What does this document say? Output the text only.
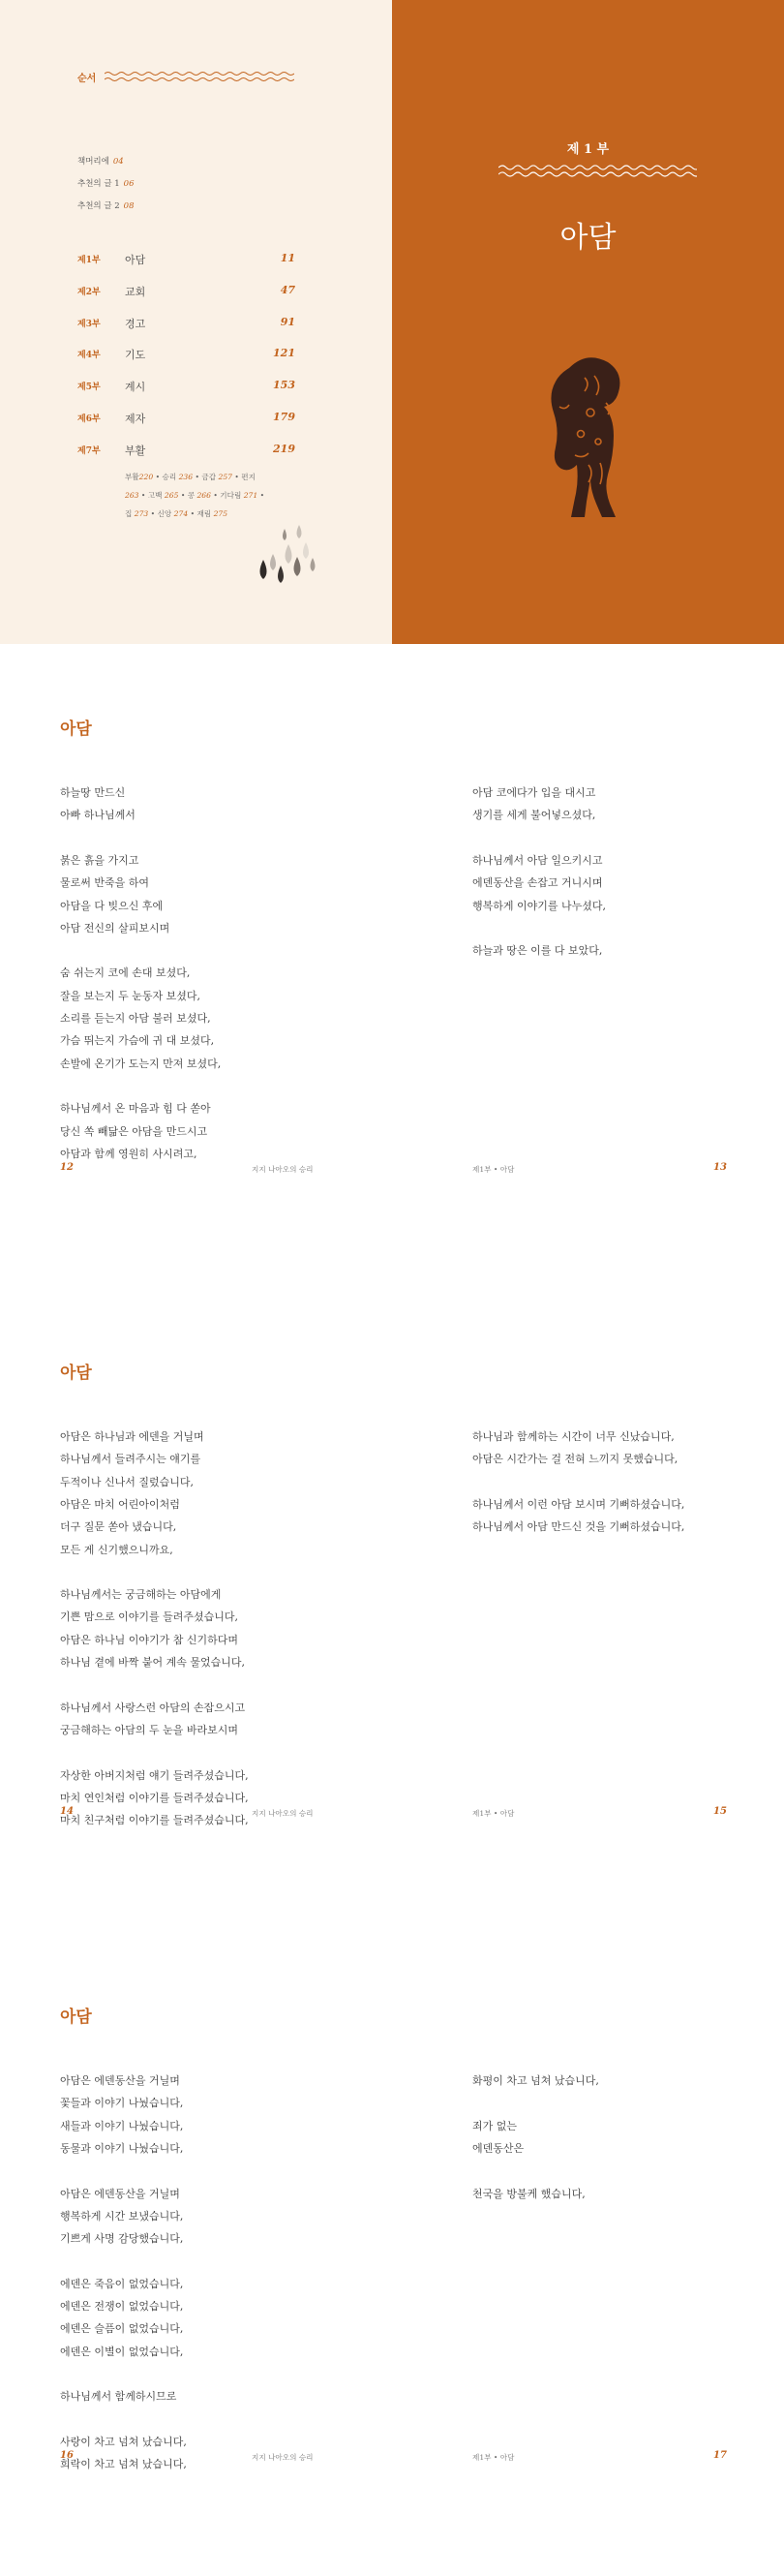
순서
책머리에 04
추천의 글 1 06
추천의 글 2 08
제1부 아담	11
제2부 교회	47
제3부 경고	91
제4부 기도	121
제5부 계시	153
제6부 제자	179
제7부 부활	219
부활220 • 승리 236 • 금갑 257 • 편지
263 • 고백 265 • 콩 266 • 기다림 271 •
집 273 • 신앙 274 • 재림 275
제 1 부
아담
아담
하늘땅 만드신
아빠 하나님께서
붉은 흙을 가지고
물로써 반죽을 하여
아담을 다 빚으신 후에
아담 전신의 살피보시며
숨 쉬는지 코에 손대 보셨다,
잘을 보는지 두 눈동자 보셨다,
소리를 듣는지 아담 불러 보셨다,
가슴 뛰는지 가슴에 귀 대 보셨다,
손발에 온기가 도는지 만져 보셨다,
하나님께서 온 마음과 힘 다 쏟아
당신 쏙 빼닮은 아담을 만드시고
아담과 함께 영원히 사시려고,
아담 코에다가 입을 대시고
생기를 세게 불어넣으셨다,
하나님께서 아담 일으키시고
에덴동산을 손잡고 거니시며
행복하게 이야기를 나누셨다,
하늘과 땅은 이를 다 보았다,
12	지지 나아오의 승리	제1부 • 아담	13
아담
아담은 하나님과 에덴을 거닐며
하나님께서 들려주시는 얘기를
두적이나 신나서 질렀습니다,
아담은 마치 어린아이처럼
더구 질문 쏟아 냈습니다,
모든 게 신기했으니까요,
하나님께서는 궁금해하는 아담에게
기쁜 맘으로 이야기를 들려주셨습니다,
아담은 하나님 이야기가 참 신기하다며
하나님 곁에 바짝 붙어 계속 물었습니다,
하나님께서 사랑스런 아담의 손잡으시고
궁금해하는 아담의 두 눈을 바라보시며
자상한 아버지처럼 얘기 들려주셨습니다,
마치 연인처럼 이야기를 들려주셨습니다,
마치 친구처럼 이야기를 들려주셨습니다,
하나님과 함께하는 시간이 너무 신났습니다,
아담은 시간가는 걸 전혀 느끼지 못했습니다,
하나님께서 이런 아담 보시며 기뻐하셨습니다,
하나님께서 아담 만드신 것을 기뻐하셨습니다,
14	지지 나아오의 승리	제1부 • 아담	15
아담
아담은 에덴동산을 거닐며
꽃들과 이야기 나눴습니다,
새들과 이야기 나눴습니다,
동물과 이야기 나눴습니다,
아담은 에덴동산을 거닐며
행복하게 시간 보냈습니다,
기쁘게 사명 감당했습니다,
에덴은 죽음이 없었습니다,
에덴은 전쟁이 없었습니다,
에덴은 슬픔이 없었습니다,
에덴은 이별이 없었습니다,
하나님께서 함께하시므로
사랑이 차고 넘쳐 났습니다,
희락이 차고 넘쳐 났습니다,
화평이 차고 넘쳐 났습니다,
죄가 없는
에덴동산은
천국을 방불케 했습니다,
16	지지 나아오의 승리	제1부 • 아담	17
